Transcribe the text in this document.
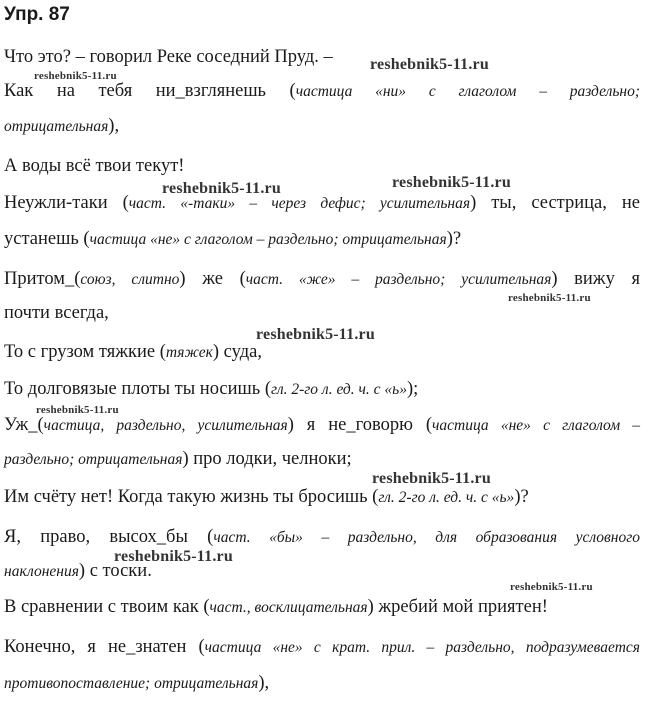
Упр. 87
Что это? – говорил Реке соседний Пруд. –
Как на тебя ни_взглянешь (частица «ни» с глаголом – раздельно;
отрицательная),
А воды всё твои текут!
Неужли-таки (част. «-таки» – через дефис; усилительная) ты, сестрица, не
устанешь (частица «не» с глаголом – раздельно; отрицательная)?
Притом_(союз, слитно) же (част. «же» – раздельно; усилительная) вижу я
почти всегда,
То с грузом тяжкие (тяжек) суда,
То долговязые плоты ты носишь (гл. 2-го л. ед. ч. с «ь»);
Уж_(частица, раздельно, усилительная) я не_говорю (частица «не» с глаголом –
раздельно; отрицательная) про лодки, челноки;
Им счёту нет! Когда такую жизнь ты бросишь (гл. 2-го л. ед. ч. с «ь»)?
Я, право, высох_бы (част. «бы» – раздельно, для образования условного
наклонения) с тоски.
В сравнении с твоим как (част., восклицательная) жребий мой приятен!
Конечно, я не_знатен (частица «не» с крат. прил. – раздельно, подразумевается
противопоставление; отрицательная),
reshebnik5-11.ru
reshebnik5-11.ru
reshebnik5-11.ru	reshebnik5-11.ru
reshebnik5-11.ru
reshebnik5-11.ru
reshebnik5-11.ru
reshebnik5-11.ru
reshebnik5-11.ru
reshebnik5-11.ru
